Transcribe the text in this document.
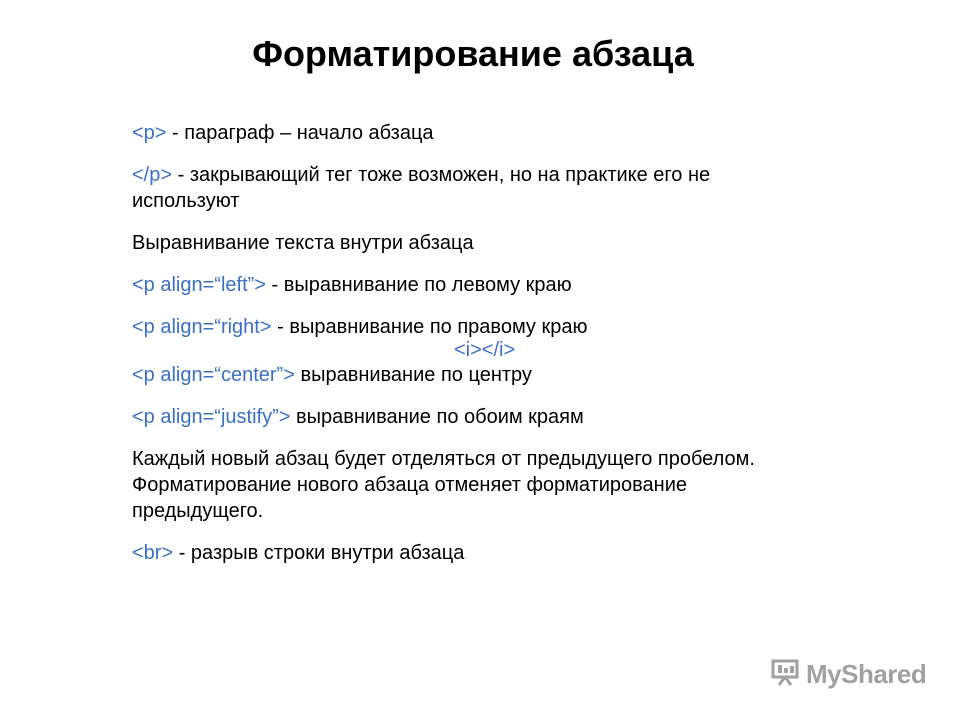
Форматирование абзаца

<p> - параграф – начало абзаца

</p> - закрывающий тег тоже возможен, но на практике его не используют

Выравнивание текста внутри абзаца

<p align=“left”> - выравнивание по левому краю

<p align=“right> - выравнивание по правому краю

<i></i>

<p align=“center”> выравнивание по центру

<p align=“justify”> выравнивание по обоим краям

Каждый новый абзац будет отделяться от предыдущего пробелом. Форматирование нового абзаца отменяет форматирование предыдущего.

<br> - разрыв строки внутри абзаца

MyShared
